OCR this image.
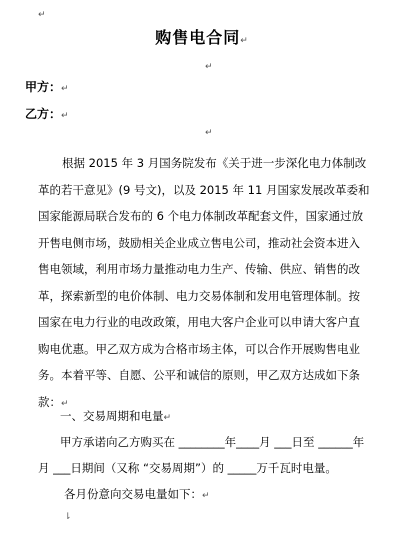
↵
购售电合同↵
↵
甲方：↵
乙方：↵
↵
根据 2015 年 3 月国务院发布《关于进一步深化电力体制改
革的若干意见》(9 号文)，以及 2015 年 11 月国家发展改革委和
国家能源局联合发布的 6 个电力体制改革配套文件，国家通过放
开售电侧市场，鼓励相关企业成立售电公司，推动社会资本进入
售电领域，利用市场力量推动电力生产、传输、供应、销售的改
革，探索新型的电价体制、电力交易体制和发用电管理体制。按
国家在电力行业的电改政策，用电大客户企业可以申请大客户直
购电优惠。甲乙双方成为合格市场主体，可以合作开展购售电业
务。本着平等、自愿、公平和诚信的原则，甲乙双方达成如下条
款：↵
一、交易周期和电量↵
甲方承诺向乙方购买在 ________年____月 ___日至 ______年
月 ___日期间（又称 “交易周期”）的 _____万千瓦时电量。
各月份意向交易电量如下：↵
⇂
